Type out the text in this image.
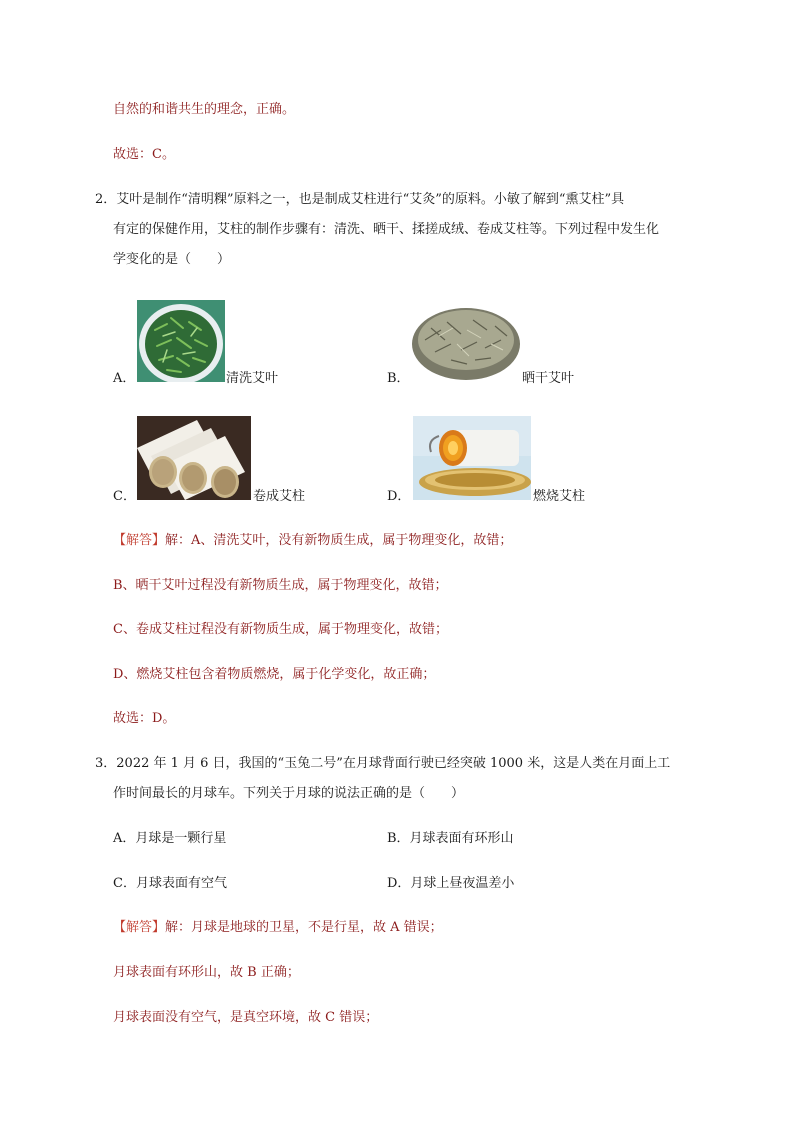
自然的和谐共生的理念，正确。
故选：C。
2．艾叶是制作“清明粿”原料之一，也是制成艾柱进行“艾灸”的原料。小敏了解到“熏艾柱”具
有定的保健作用，艾柱的制作步骤有：清洗、晒干、揉搓成绒、卷成艾柱等。下列过程中发生化
学变化的是（　　）
A．	清洗艾叶	B．	晒干艾叶
C．	卷成艾柱	D．	燃烧艾柱
【解答】解：A、清洗艾叶，没有新物质生成，属于物理变化，故错；
B、晒干艾叶过程没有新物质生成，属于物理变化，故错；
C、卷成艾柱过程没有新物质生成，属于物理变化，故错；
D、燃烧艾柱包含着物质燃烧，属于化学变化，故正确；
故选：D。
3．2022 年 1 月 6 日，我国的“玉兔二号”在月球背面行驶已经突破 1000 米，这是人类在月面上工
作时间最长的月球车。下列关于月球的说法正确的是（　　）
A．月球是一颗行星	B．月球表面有环形山
C．月球表面有空气	D．月球上昼夜温差小
【解答】解：月球是地球的卫星，不是行星，故 A 错误；
月球表面有环形山，故 B 正确；
月球表面没有空气，是真空环境，故 C 错误；
